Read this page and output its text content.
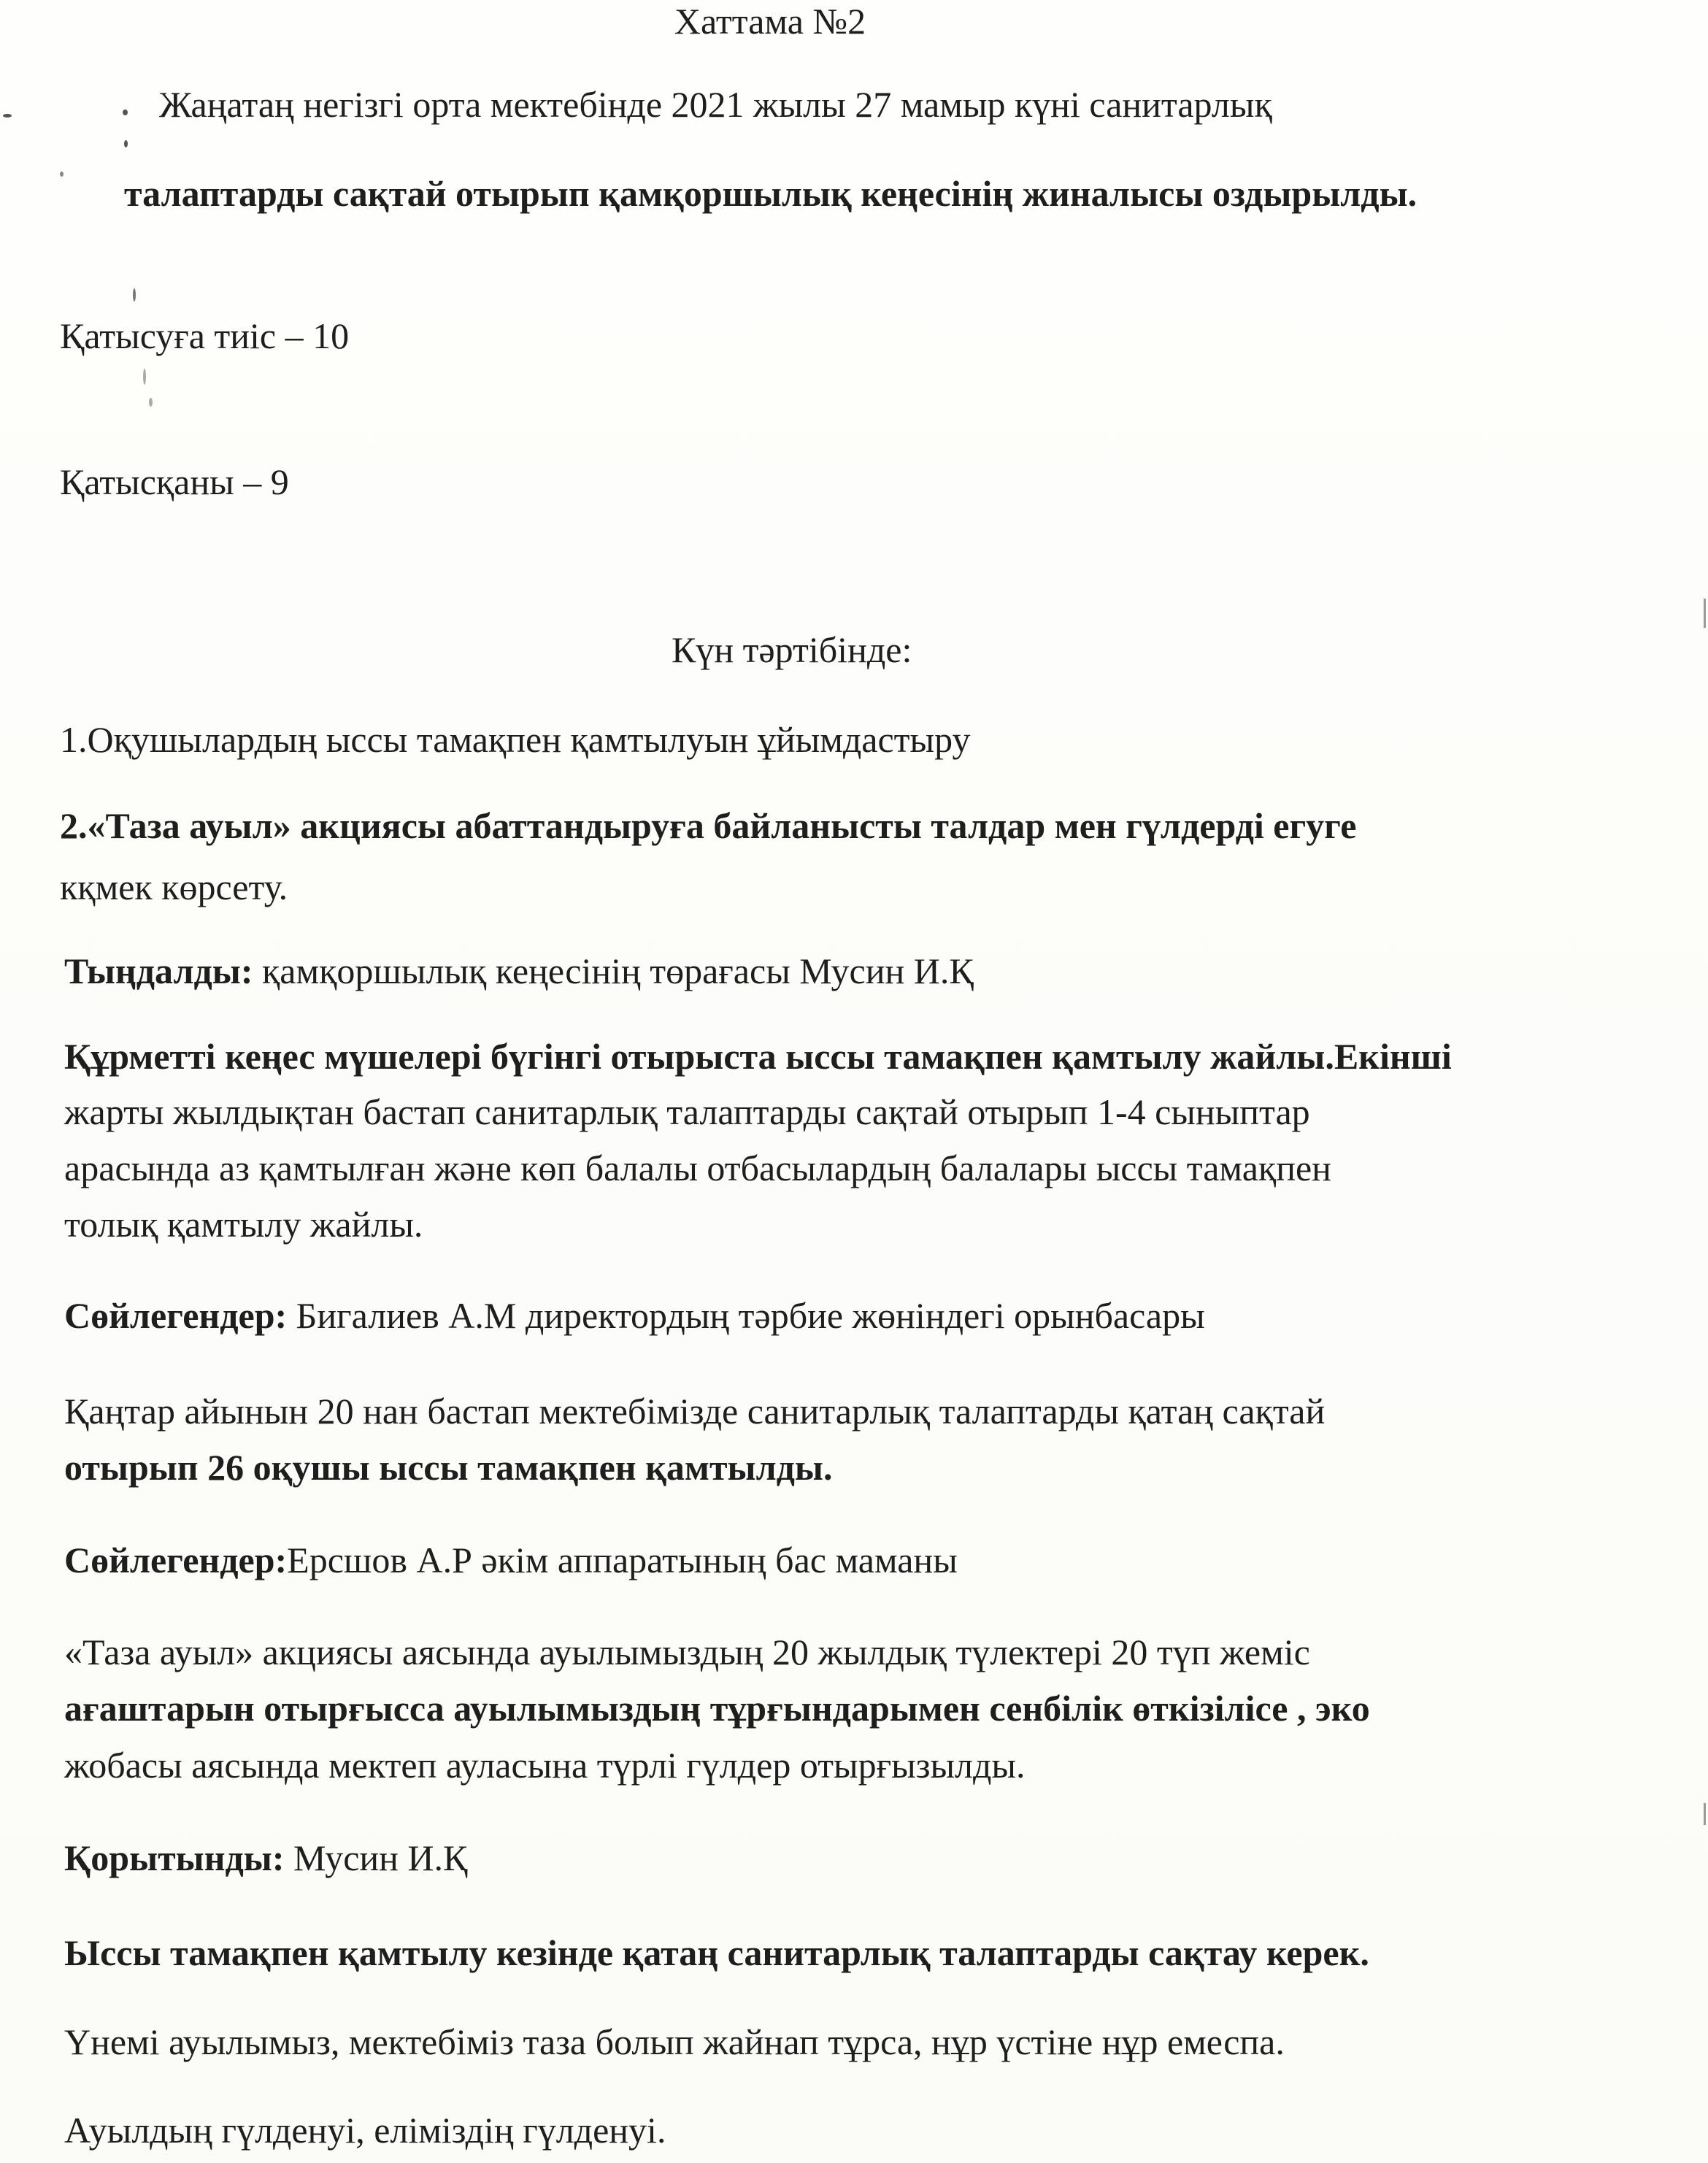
Хаттама №2
Жаңатаң негізгі орта мектебінде 2021 жылы 27 мамыр күні санитарлық
талаптарды сақтай отырып қамқоршылық кеңесінің жиналысы оздырылды.
Қатысуға тиіс – 10
Қатысқаны – 9
Күн тәртібінде:
1.Оқушылардың ыссы тамақпен қамтылуын ұйымдастыру
2.«Таза ауыл» акциясы абаттандыруға байланысты талдар мен гүлдерді егуге
кқмек көрсету.
Тыңдалды: қамқоршылық кеңесінің төрағасы Мусин И.Қ
Құрметті кеңес мүшелері бүгінгі отырыста ыссы тамақпен қамтылу жайлы.Екінші
жарты жылдықтан бастап санитарлық талаптарды сақтай отырып 1-4 сыныптар
арасында аз қамтылған және көп балалы отбасылардың балалары ыссы тамақпен
толық қамтылу жайлы.
Сөйлегендер: Бигалиев А.М директордың тәрбие жөніндегі орынбасары
Қаңтар айынын 20 нан бастап мектебімізде санитарлық талаптарды қатаң сақтай
отырып 26 оқушы ыссы тамақпен қамтылды.
Сөйлегендер:Ерсшов А.Р әкім аппаратының бас маманы
«Таза ауыл» акциясы аясында ауылымыздың 20 жылдық түлектері 20 түп жеміс
ағаштарын отырғысса ауылымыздың тұрғындарымен сенбілік өткізілісе , эко
жобасы аясында мектеп ауласына түрлі гүлдер отырғызылды.
Қорытынды: Мусин И.Қ
Ыссы тамақпен қамтылу кезінде қатаң санитарлық талаптарды сақтау керек.
Үнемі ауылымыз, мектебіміз таза болып жайнап тұрса, нұр үстіне нұр емеспа.
Ауылдың гүлденуі, еліміздің гүлденуі.
